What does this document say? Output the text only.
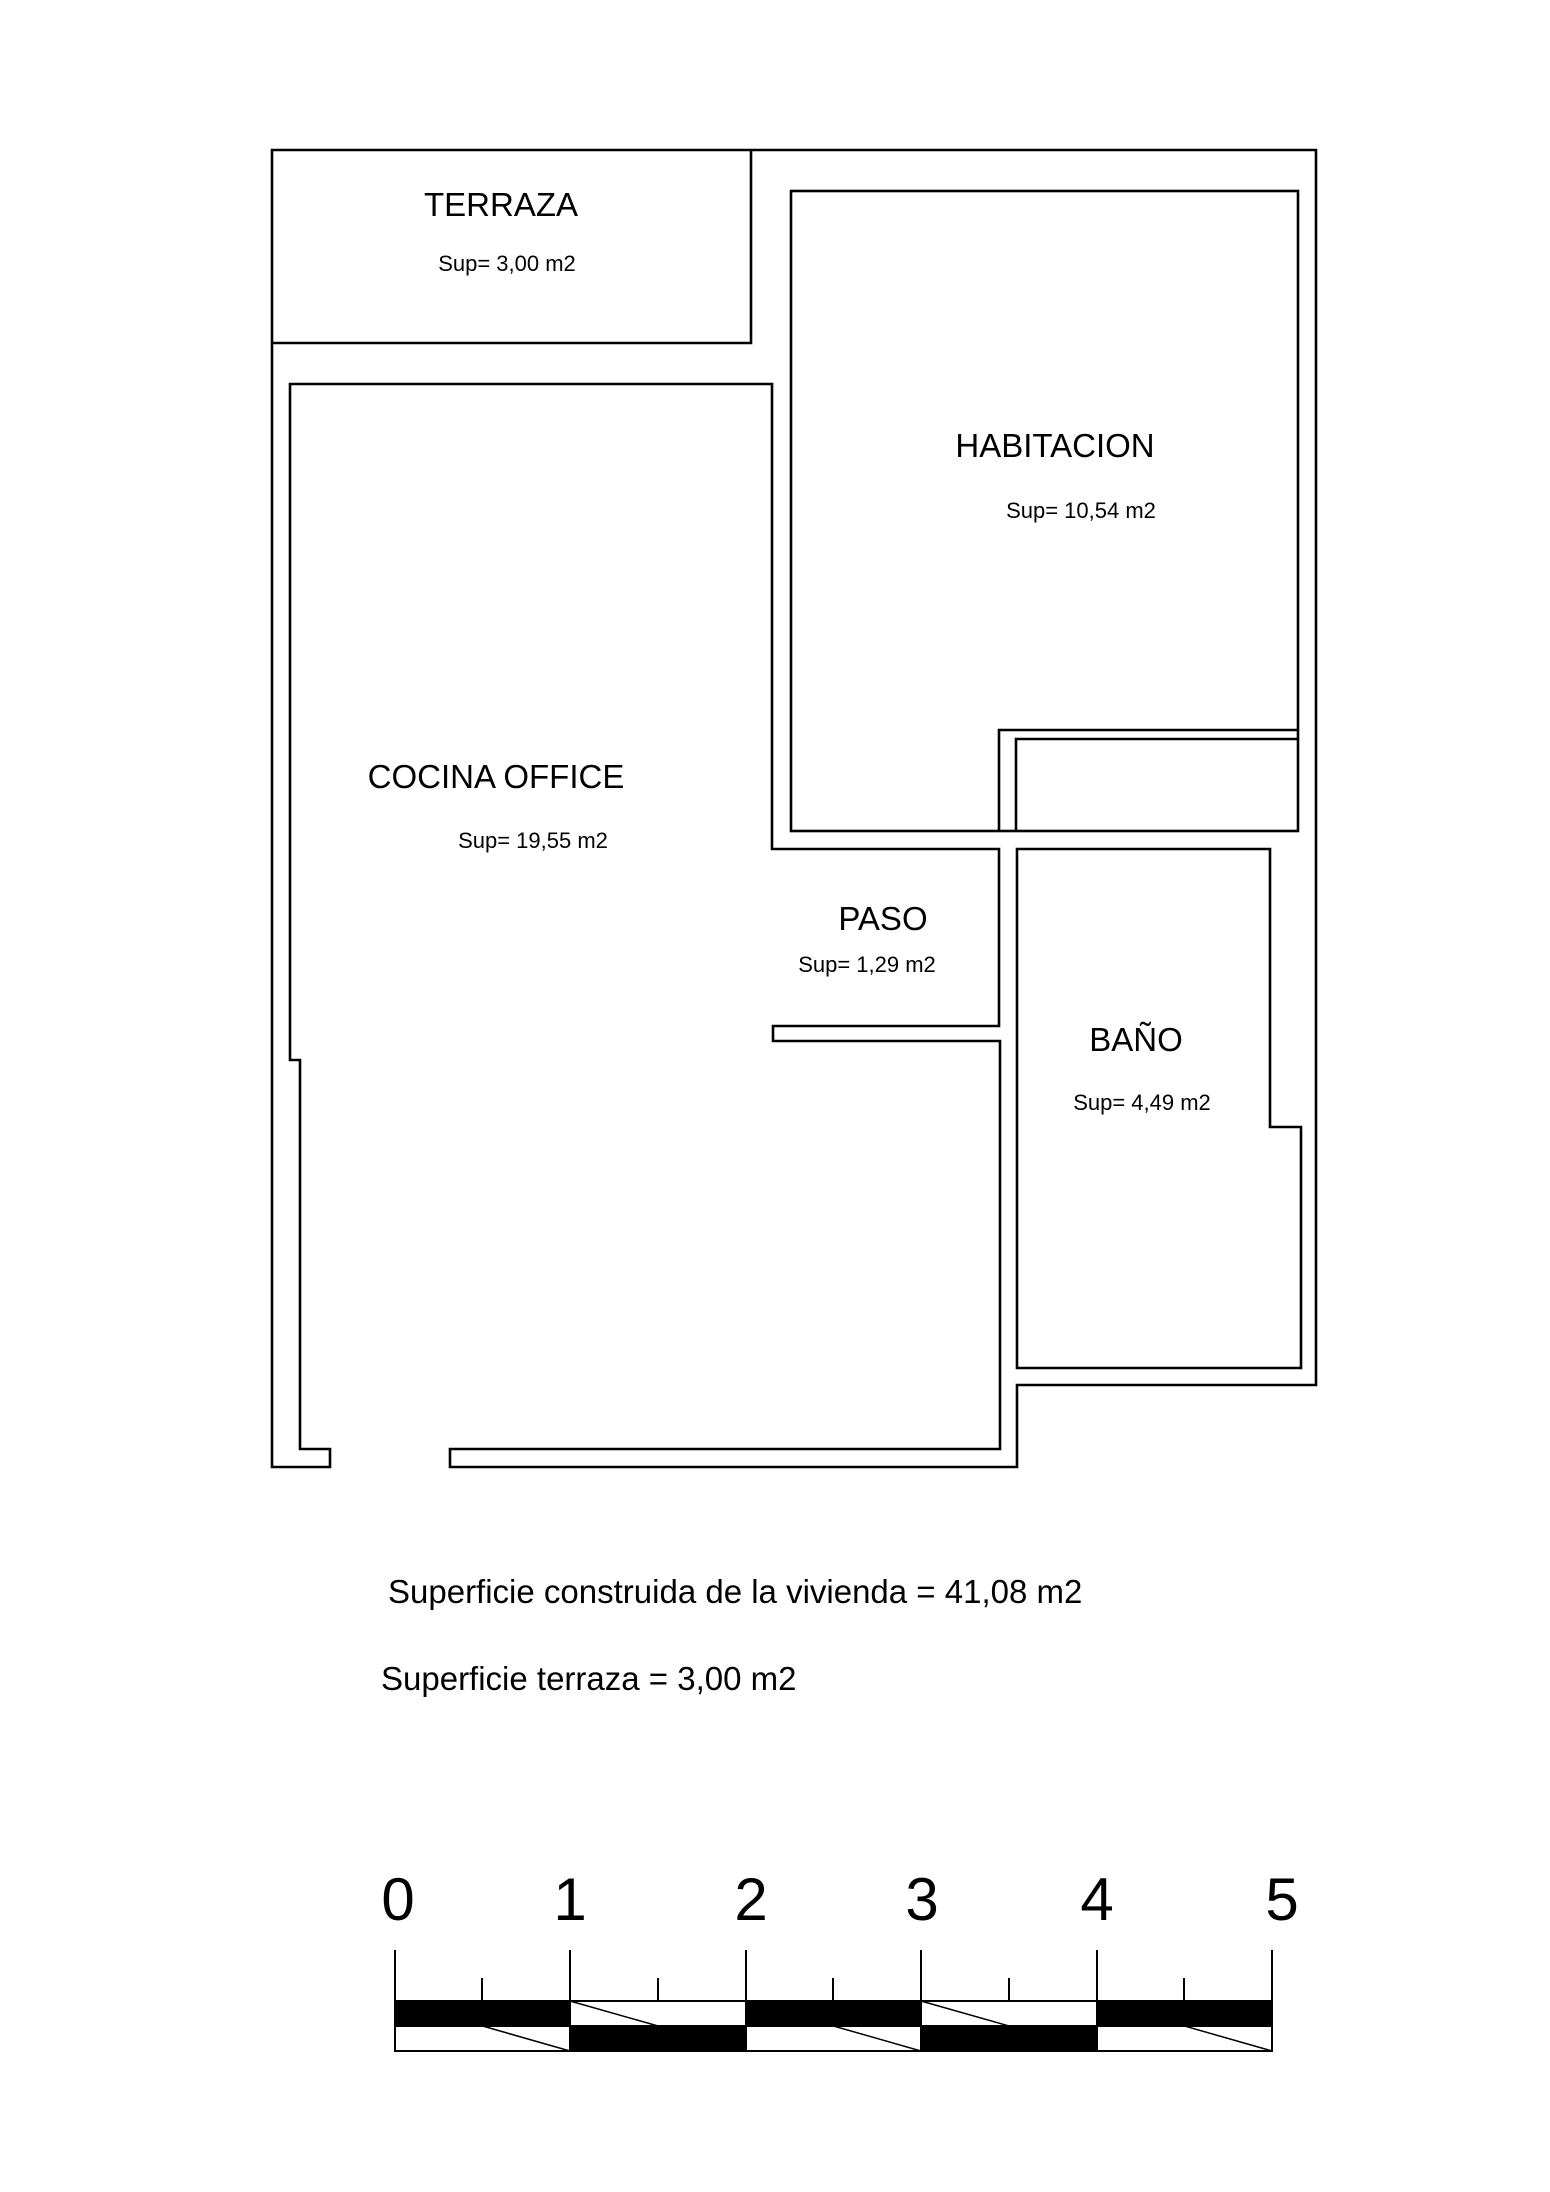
TERRAZA
Sup= 3,00 m2
HABITACION
Sup= 10,54 m2
COCINA OFFICE
Sup= 19,55 m2
PASO
Sup= 1,29 m2
BAÑO
Sup= 4,49 m2
Superficie construida de la vivienda = 41,08 m2
Superficie terraza = 3,00 m2
0 1 2 3 4	5
